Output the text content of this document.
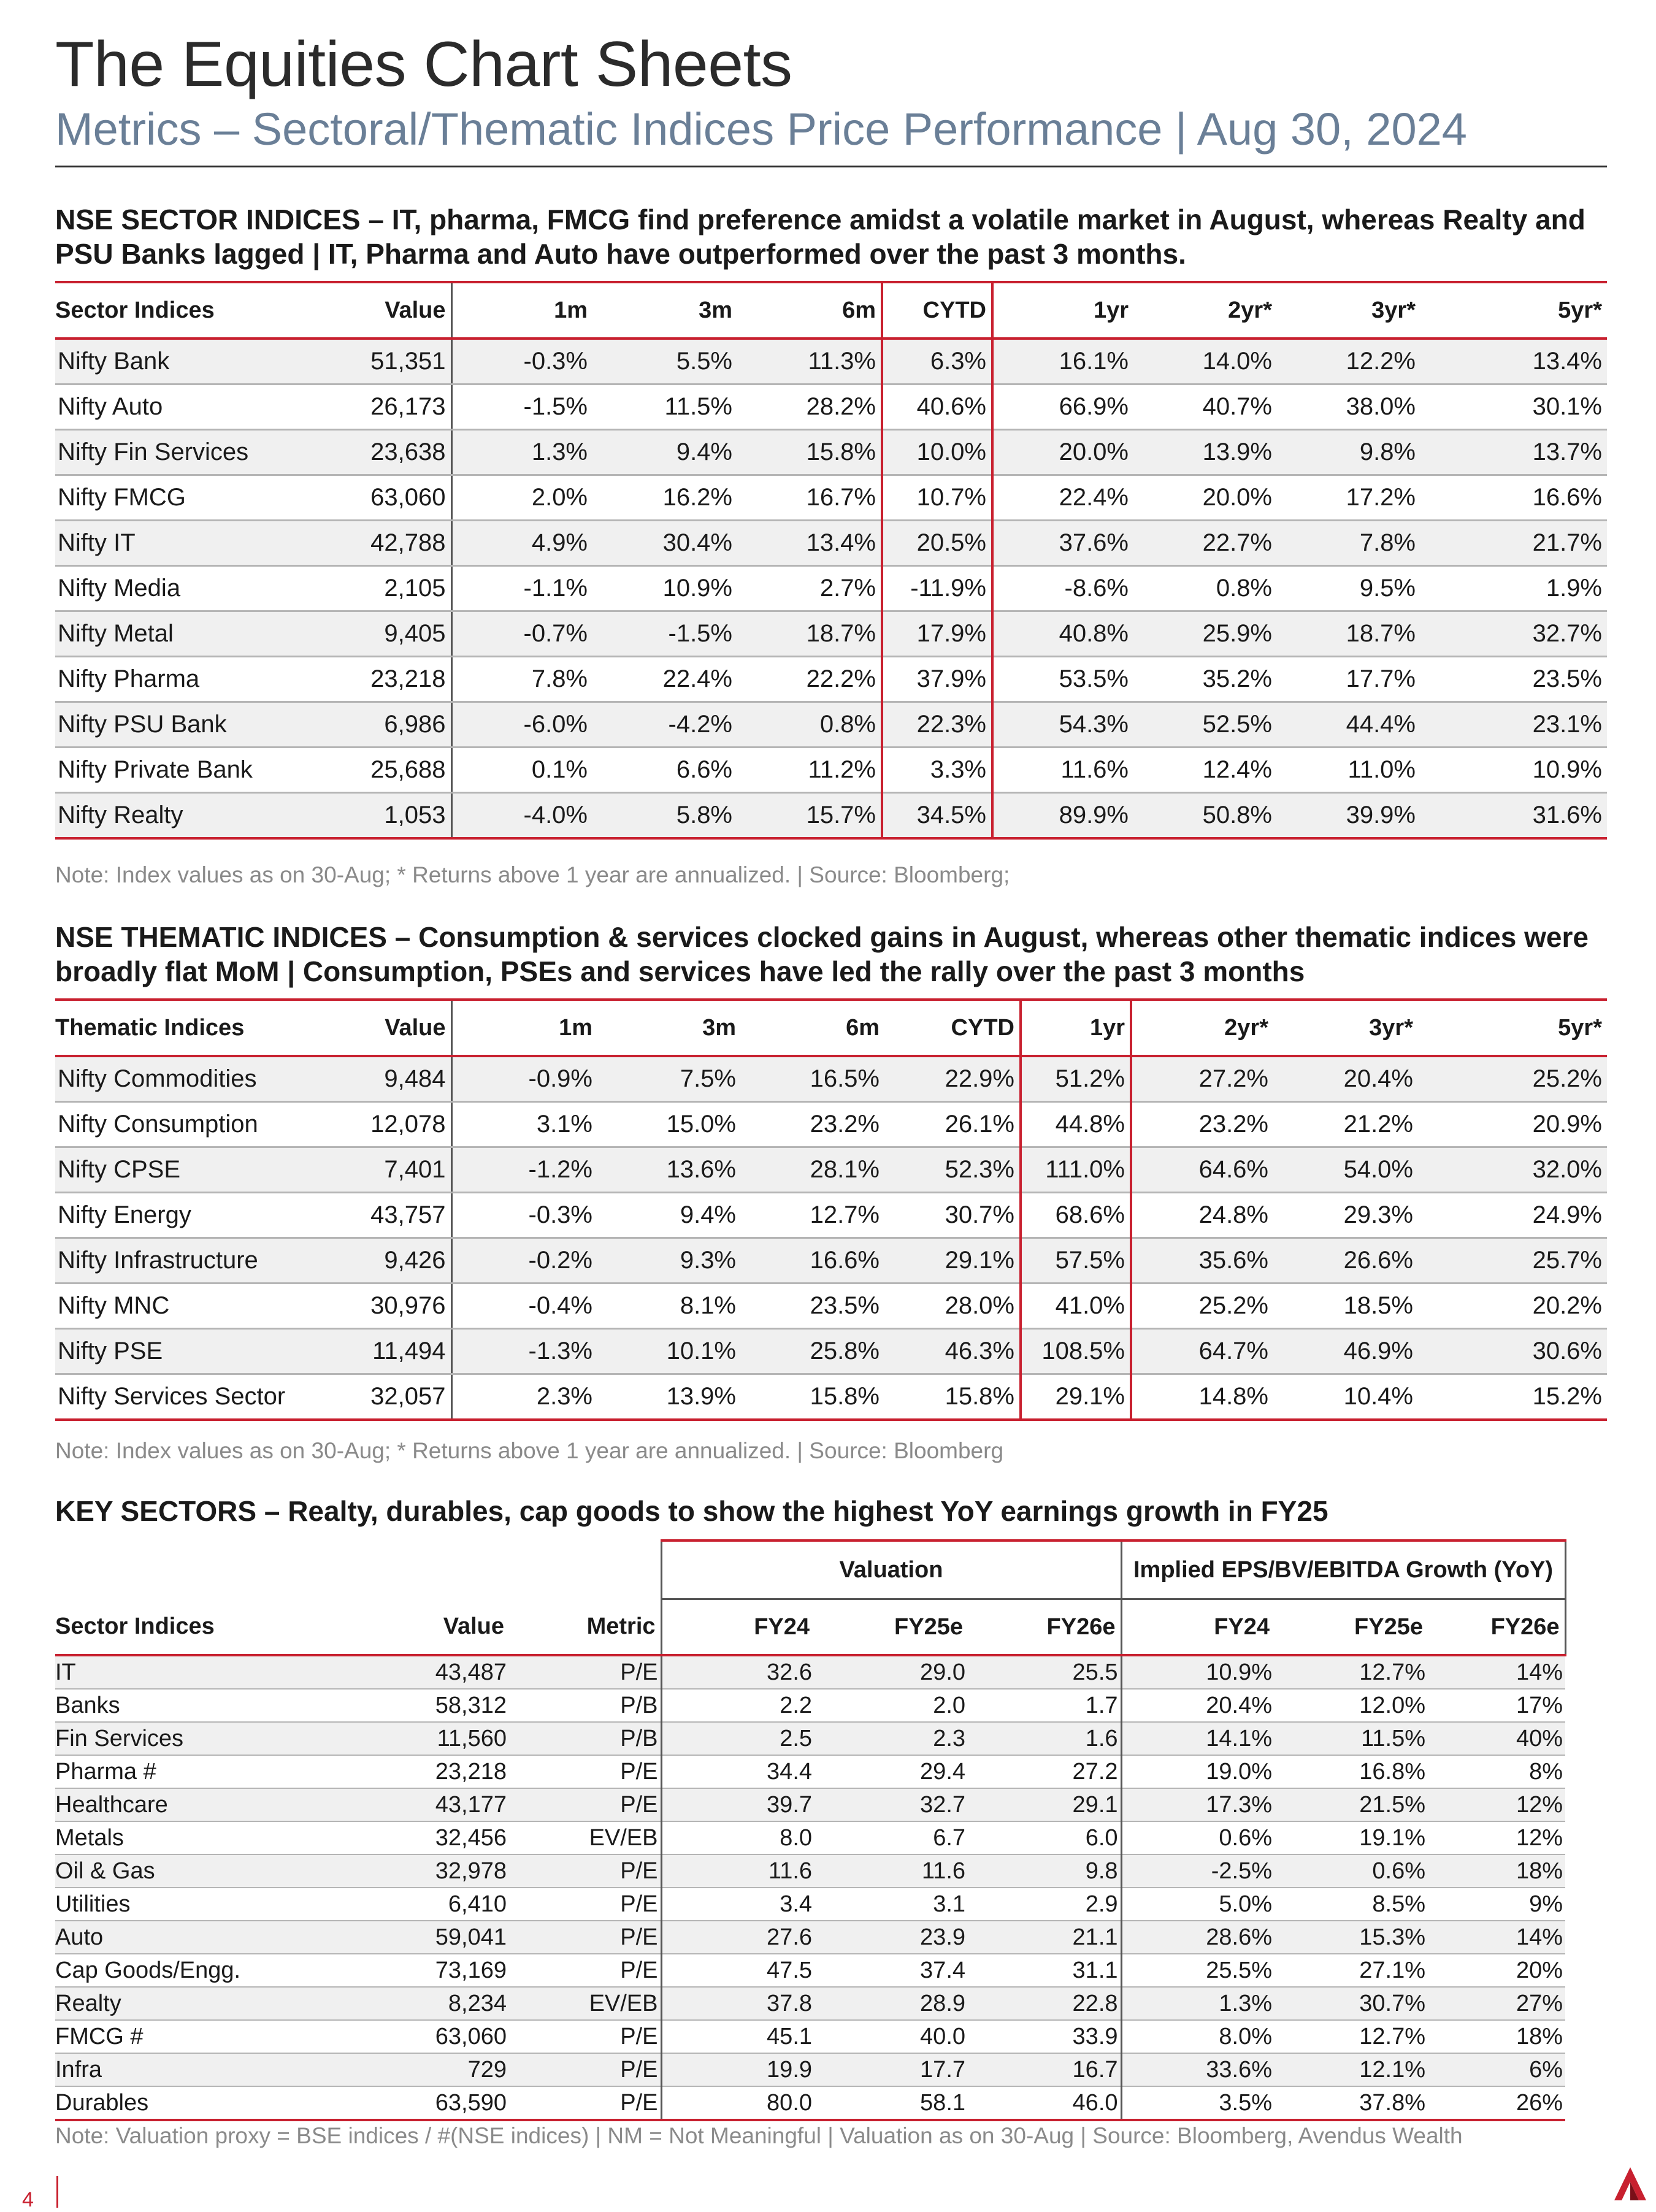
The Equities Chart Sheets
Metrics – Sectoral/Thematic Indices Price Performance | Aug 30, 2024
NSE SECTOR INDICES – IT, pharma, FMCG find preference amidst a volatile market in August, whereas Realty and PSU Banks lagged | IT, Pharma and Auto have outperformed over the past 3 months.
Sector Indices	Value	1m	3m	6m	CYTD	1yr	2yr*	3yr*	5yr*
Nifty Bank	51,351	-0.3%	5.5%	11.3%	6.3%	16.1%	14.0%	12.2%	13.4%
Nifty Auto	26,173	-1.5%	11.5%	28.2%	40.6%	66.9%	40.7%	38.0%	30.1%
Nifty Fin Services	23,638	1.3%	9.4%	15.8%	10.0%	20.0%	13.9%	9.8%	13.7%
Nifty FMCG	63,060	2.0%	16.2%	16.7%	10.7%	22.4%	20.0%	17.2%	16.6%
Nifty IT	42,788	4.9%	30.4%	13.4%	20.5%	37.6%	22.7%	7.8%	21.7%
Nifty Media	2,105	-1.1%	10.9%	2.7%	-11.9%	-8.6%	0.8%	9.5%	1.9%
Nifty Metal	9,405	-0.7%	-1.5%	18.7%	17.9%	40.8%	25.9%	18.7%	32.7%
Nifty Pharma	23,218	7.8%	22.4%	22.2%	37.9%	53.5%	35.2%	17.7%	23.5%
Nifty PSU Bank	6,986	-6.0%	-4.2%	0.8%	22.3%	54.3%	52.5%	44.4%	23.1%
Nifty Private Bank	25,688	0.1%	6.6%	11.2%	3.3%	11.6%	12.4%	11.0%	10.9%
Nifty Realty	1,053	-4.0%	5.8%	15.7%	34.5%	89.9%	50.8%	39.9%	31.6%
Note: Index values as on 30-Aug; * Returns above 1 year are annualized. | Source: Bloomberg;
NSE THEMATIC INDICES – Consumption & services clocked gains in August, whereas other thematic indices were broadly flat MoM | Consumption, PSEs and services have led the rally over the past 3 months
Thematic Indices	Value	1m	3m	6m	CYTD	1yr	2yr*	3yr*	5yr*
Nifty Commodities	9,484	-0.9%	7.5%	16.5%	22.9%	51.2%	27.2%	20.4%	25.2%
Nifty Consumption	12,078	3.1%	15.0%	23.2%	26.1%	44.8%	23.2%	21.2%	20.9%
Nifty CPSE	7,401	-1.2%	13.6%	28.1%	52.3%	111.0%	64.6%	54.0%	32.0%
Nifty Energy	43,757	-0.3%	9.4%	12.7%	30.7%	68.6%	24.8%	29.3%	24.9%
Nifty Infrastructure	9,426	-0.2%	9.3%	16.6%	29.1%	57.5%	35.6%	26.6%	25.7%
Nifty MNC	30,976	-0.4%	8.1%	23.5%	28.0%	41.0%	25.2%	18.5%	20.2%
Nifty PSE	11,494	-1.3%	10.1%	25.8%	46.3%	108.5%	64.7%	46.9%	30.6%
Nifty Services Sector	32,057	2.3%	13.9%	15.8%	15.8%	29.1%	14.8%	10.4%	15.2%
Note: Index values as on 30-Aug; * Returns above 1 year are annualized. | Source: Bloomberg
KEY SECTORS – Realty, durables, cap goods to show the highest YoY earnings growth in FY25
			Valuation			Implied EPS/BV/EBITDA Growth (YoY)		
Sector Indices	Value	Metric	FY24	FY25e	FY26e	FY24	FY25e	FY26e
IT	43,487	P/E	32.6	29.0	25.5	10.9%	12.7%	14%
Banks	58,312	P/B	2.2	2.0	1.7	20.4%	12.0%	17%
Fin Services	11,560	P/B	2.5	2.3	1.6	14.1%	11.5%	40%
Pharma #	23,218	P/E	34.4	29.4	27.2	19.0%	16.8%	8%
Healthcare	43,177	P/E	39.7	32.7	29.1	17.3%	21.5%	12%
Metals	32,456	EV/EB	8.0	6.7	6.0	0.6%	19.1%	12%
Oil & Gas	32,978	P/E	11.6	11.6	9.8	-2.5%	0.6%	18%
Utilities	6,410	P/E	3.4	3.1	2.9	5.0%	8.5%	9%
Auto	59,041	P/E	27.6	23.9	21.1	28.6%	15.3%	14%
Cap Goods/Engg.	73,169	P/E	47.5	37.4	31.1	25.5%	27.1%	20%
Realty	8,234	EV/EB	37.8	28.9	22.8	1.3%	30.7%	27%
FMCG #	63,060	P/E	45.1	40.0	33.9	8.0%	12.7%	18%
Infra	729	P/E	19.9	17.7	16.7	33.6%	12.1%	6%
Durables	63,590	P/E	80.0	58.1	46.0	3.5%	37.8%	26%
Note: Valuation proxy = BSE indices / #(NSE indices) | NM = Not Meaningful | Valuation as on 30-Aug | Source: Bloomberg, Avendus Wealth
4
